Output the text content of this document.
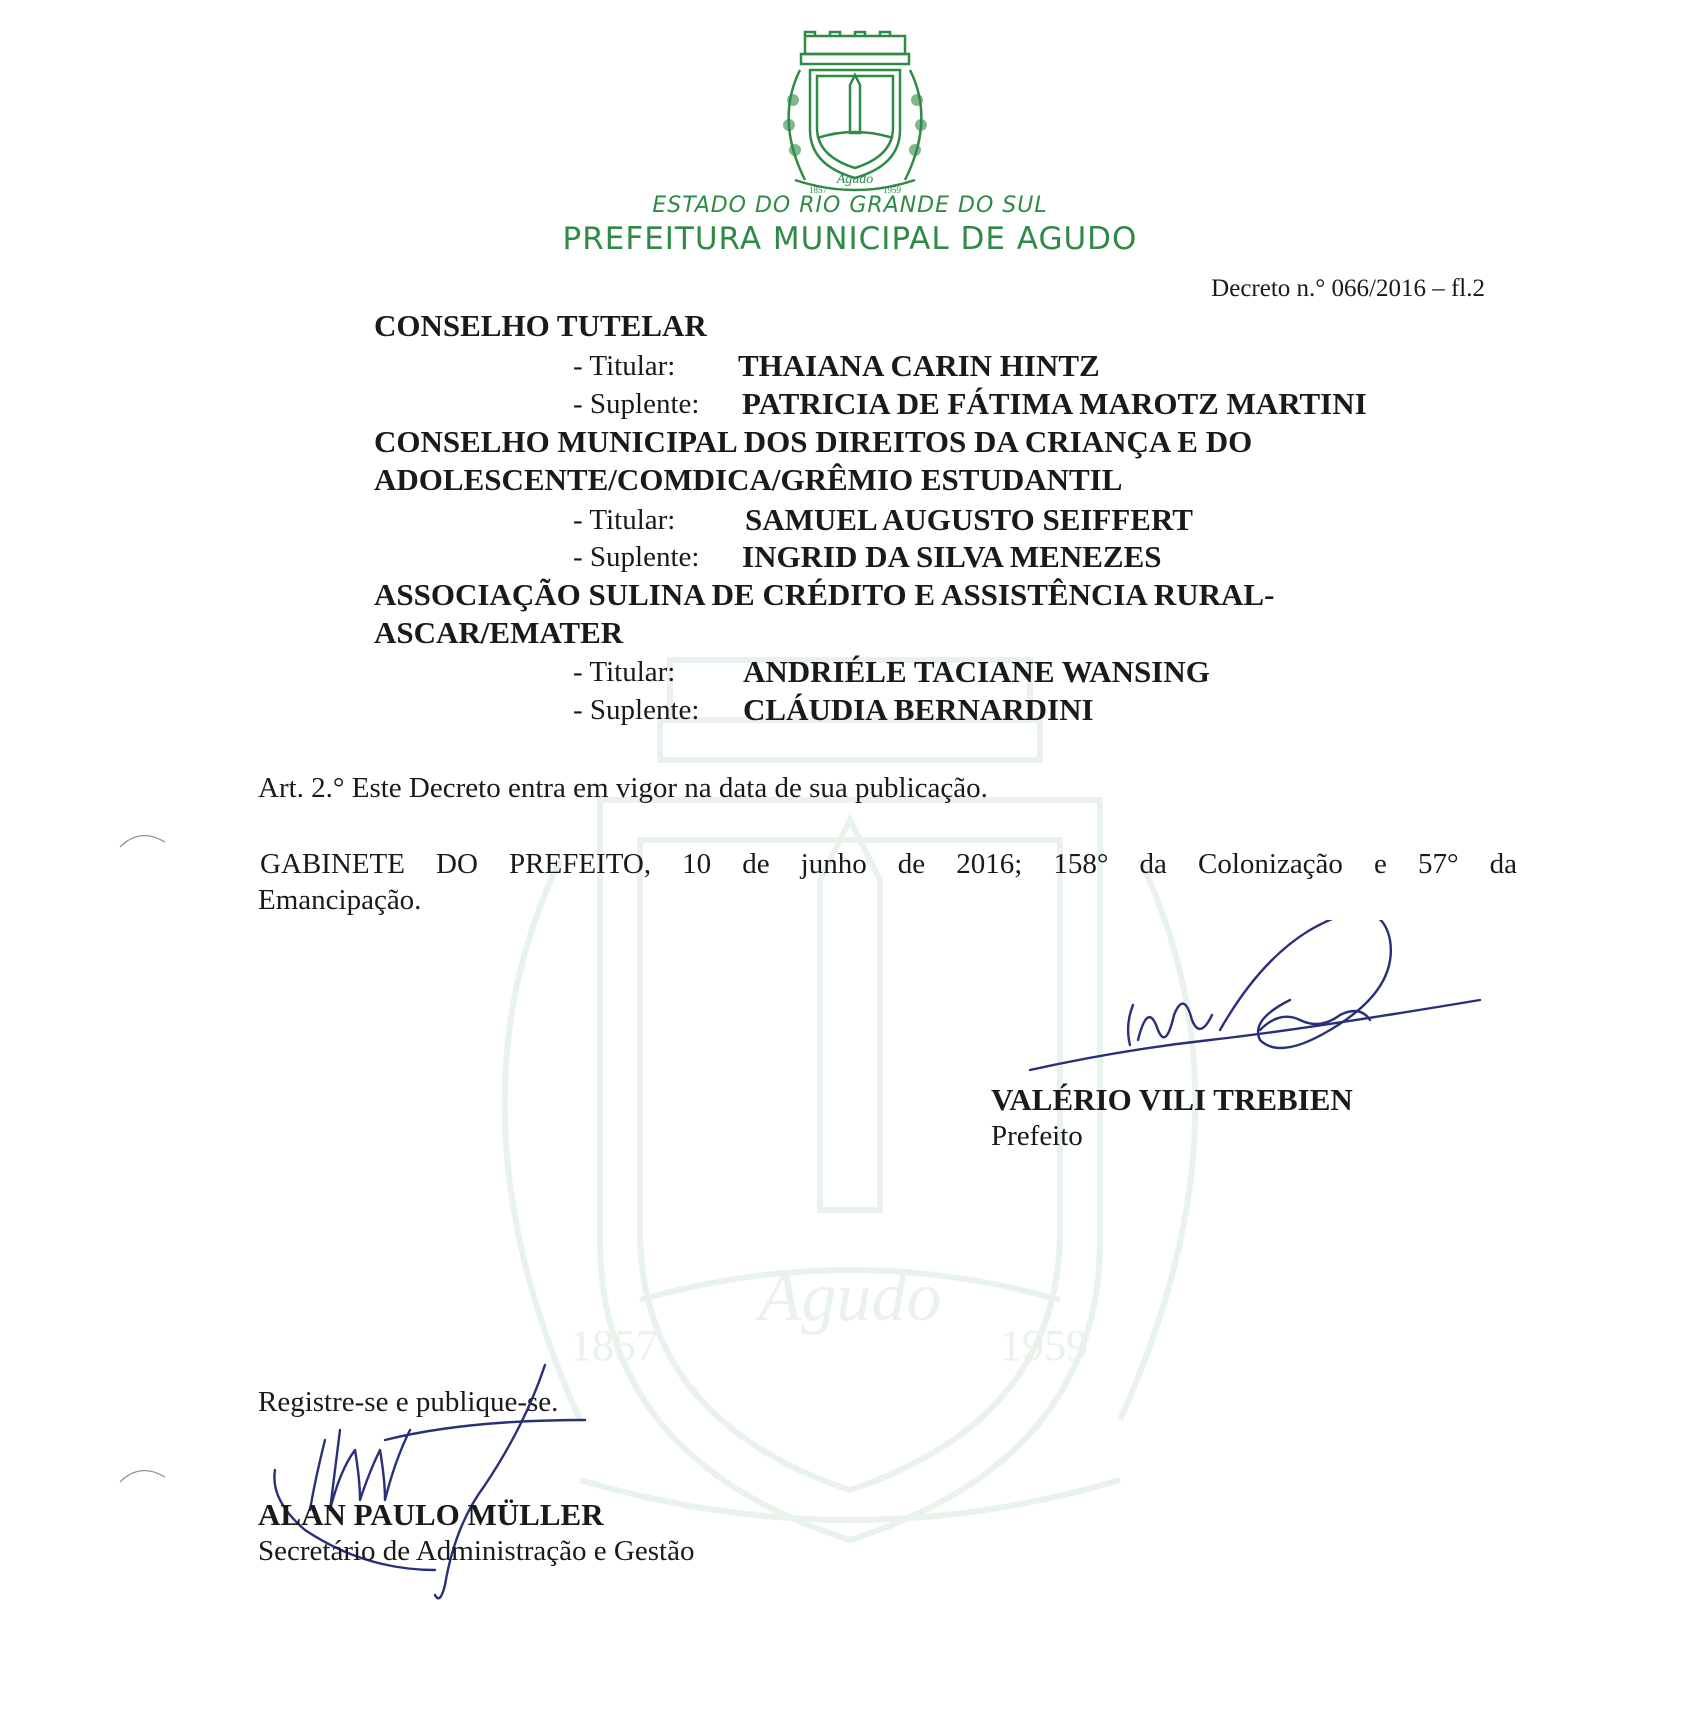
Agudo
1857	1959
Agudo
1857	1959
ESTADO DO RIO GRANDE DO SUL
PREFEITURA MUNICIPAL DE AGUDO
Decreto n.° 066/2016 – fl.2
CONSELHO TUTELAR
- Titular: THAIANA CARIN HINTZ
- Suplente: PATRICIA DE FÁTIMA MAROTZ MARTINI
CONSELHO MUNICIPAL DOS DIREITOS DA CRIANÇA E DO
ADOLESCENTE/COMDICA/GRÊMIO ESTUDANTIL
- Titular: SAMUEL AUGUSTO SEIFFERT
- Suplente: INGRID DA SILVA MENEZES
ASSOCIAÇÃO SULINA DE CRÉDITO E ASSISTÊNCIA RURAL-
ASCAR/EMATER
- Titular: ANDRIÉLE TACIANE WANSING
- Suplente: CLÁUDIA BERNARDINI
Art. 2.° Este Decreto entra em vigor na data de sua publicação.
GABINETE DO PREFEITO, 10 de junho de 2016; 158° da Colonização e 57° da
Emancipação.
VALÉRIO VILI TREBIEN
Prefeito
Registre-se e publique-se.
ALAN PAULO MÜLLER
Secretário de Administração e Gestão
